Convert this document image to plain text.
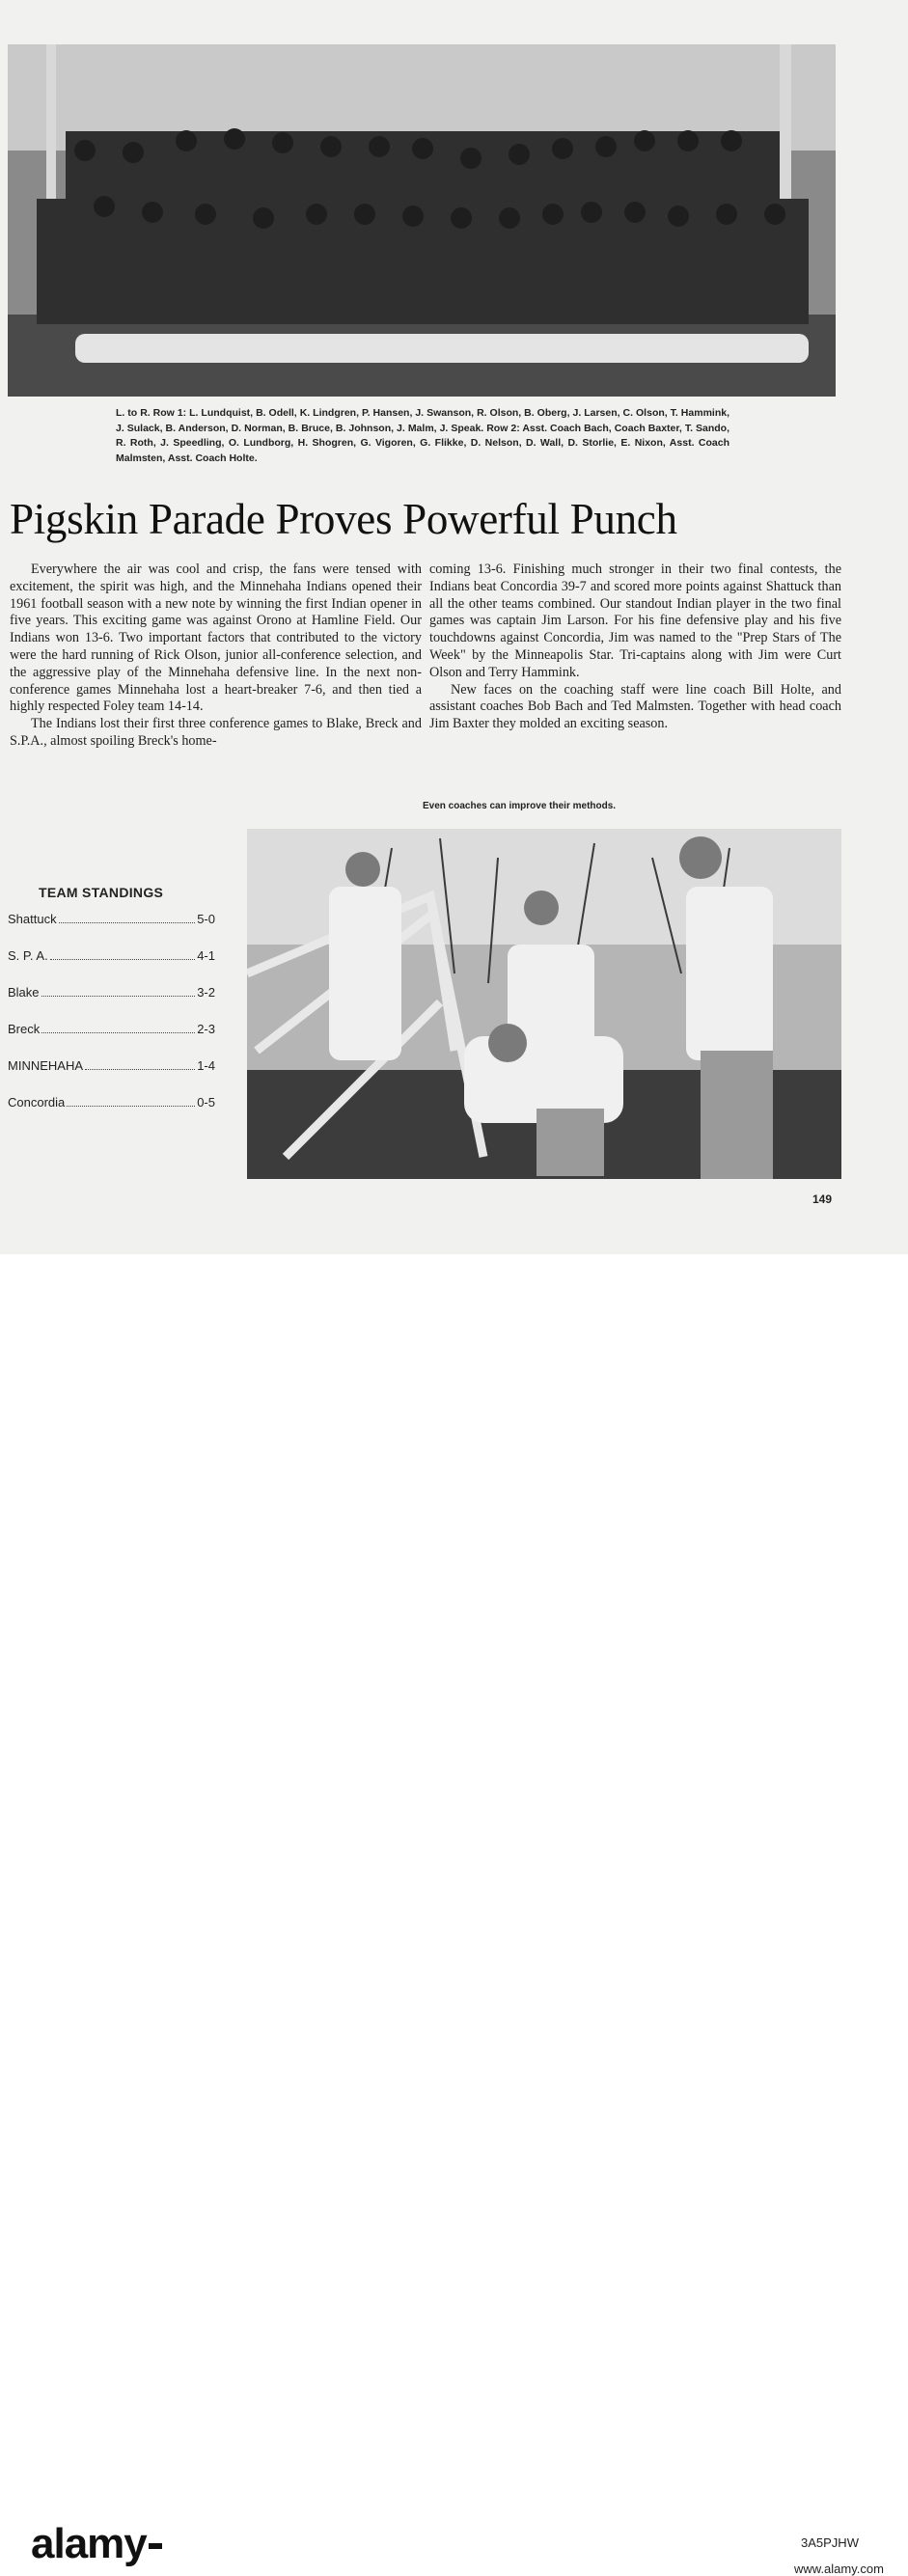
L. to R. Row 1: L. Lundquist, B. Odell, K. Lindgren, P. Hansen, J. Swanson, R. Olson, B. Oberg, J. Larsen, C. Olson, T. Hammink, J. Sulack, B. Anderson, D. Norman, B. Bruce, B. Johnson, J. Malm, J. Speak. Row 2: Asst. Coach Bach, Coach Baxter, T. Sando, R. Roth, J. Speedling, O. Lundborg, H. Shogren, G. Vigoren, G. Flikke, D. Nelson, D. Wall, D. Storlie, E. Nixon, Asst. Coach Malmsten, Asst. Coach Holte.
Pigskin Parade Proves Powerful Punch

Everywhere the air was cool and crisp, the fans were tensed with excitement, the spirit was high, and the Minnehaha Indians opened their 1961 football season with a new note by winning the first Indian opener in five years. This exciting game was against Orono at Hamline Field. Our Indians won 13-6. Two important factors that contributed to the victory were the hard running of Rick Olson, junior all-conference selection, and the aggressive play of the Minnehaha defensive line. In the next non-conference games Minnehaha lost a heart-breaker 7-6, and then tied a highly respected Foley team 14-14.

The Indians lost their first three conference games to Blake, Breck and S.P.A., almost spoiling Breck's home-

coming 13-6. Finishing much stronger in their two final contests, the Indians beat Concordia 39-7 and scored more points against Shattuck than all the other teams combined. Our standout Indian player in the two final games was captain Jim Larson. For his fine defensive play and his five touchdowns against Concordia, Jim was named to the "Prep Stars of The Week" by the Minneapolis Star. Tri-captains along with Jim were Curt Olson and Terry Hammink.

New faces on the coaching staff were line coach Bill Holte, and assistant coaches Bob Bach and Ted Malmsten. Together with head coach Jim Baxter they molded an exciting season.

Even coaches can improve their methods.
TEAM STANDINGS
Shattuck	5-0
S. P. A.	4-1
Blake	3-2
Breck	2-3
MINNEHAHA	1-4
Concordia	0-5
149
alamy	3A5PJHW
www.alamy.com
